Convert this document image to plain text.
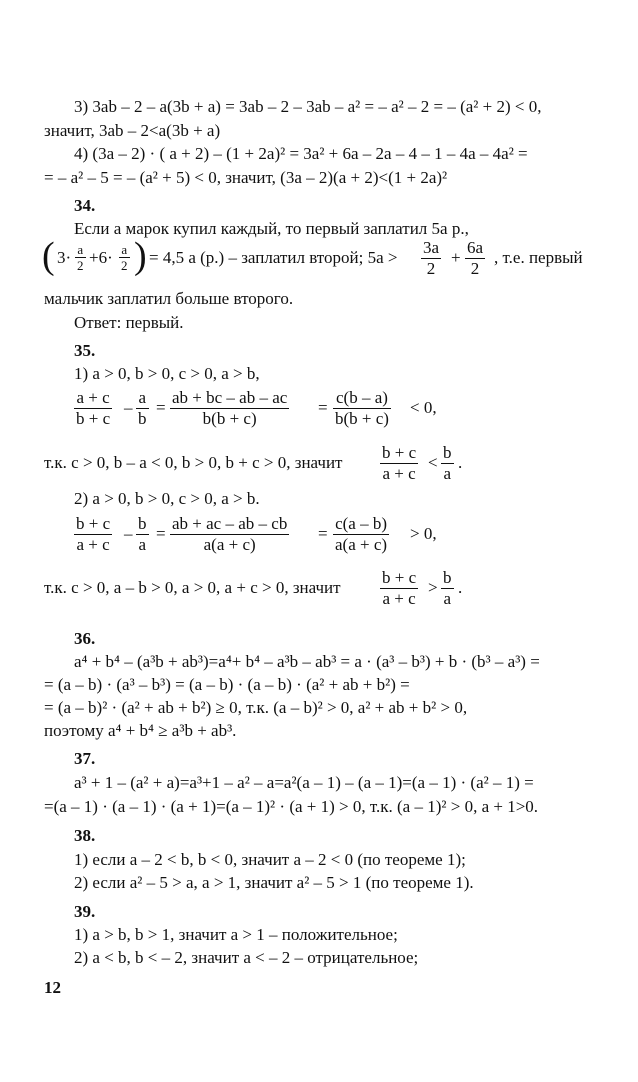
3) 3ab – 2 – a(3b + a) = 3ab – 2 – 3ab – a² = – a² – 2 = – (a² + 2) < 0,
значит, 3ab – 2<a(3b + a)
4) (3a – 2) · ( a + 2) – (1 + 2a)² = 3a² + 6a – 2a – 4 – 1 – 4a – 4a² =
= – a² – 5 = – (a² + 5) < 0, значит, (3a – 2)(a + 2)<(1 + 2a)²
34.
Если a марок купил каждый, то первый заплатил 5a р.,
( $3\cdot \frac{a}{2} +6\cdot \frac{a}{2}$ ) = 4,5 a (р.) – заплатил второй; $5a > \frac{3a}{2} + \frac{6a}{2}$ , т.е. первый
мальчик заплатил больше второго.
Ответ: первый.
35.
1) a > 0, b > 0, c > 0, a > b,
$\frac{a + c}{b + c} - \frac{a}{b} = \frac{ab + bc - ab - ac}{b(b + c)} = \frac{c(b - a)}{b(b + c)} < 0$,
т.к. c > 0, b – a < 0, b > 0, b + c > 0, значит $\frac{b + c}{a + c} < \frac{b}{a}$ .
2) a > 0, b > 0, c > 0, a > b.
$\frac{b + c}{a + c} - \frac{b}{a} = \frac{ab + ac - ab - cb}{a(a + c)} = \frac{c(a - b)}{a(a + c)} > 0$,
т.к. c > 0, a – b > 0, a > 0, a + c > 0, значит $\frac{b + c}{a + c} > \frac{b}{a}$ .
36.
a⁴ + b⁴ – (a³b + ab³)=a⁴+ b⁴ – a³b – ab³ = a · (a³ – b³) + b · (b³ – a³) =
= (a – b) · (a³ – b³) = (a – b) · (a – b) · (a² + ab + b²) =
= (a – b)² · (a² + ab + b²) ≥ 0, т.к. (a – b)² > 0, a² + ab + b² > 0,
поэтому a⁴ + b⁴ ≥ a³b + ab³.
37.
a³ + 1 – (a² + a)=a³+1 – a² – a=a²(a – 1) – (a – 1)=(a – 1) · (a² – 1) =
=(a – 1) · (a – 1) · (a + 1)=(a – 1)² · (a + 1) > 0, т.к. (a – 1)² > 0, a + 1>0.
38.
1) если a – 2 < b, b < 0, значит a – 2 < 0 (по теореме 1);
2) если a² – 5 > a, a > 1, значит a² – 5 > 1 (по теореме 1).
39.
1) a > b, b > 1, значит a > 1 – положительное;
2) a < b, b < – 2, значит a < – 2 – отрицательное;
12
